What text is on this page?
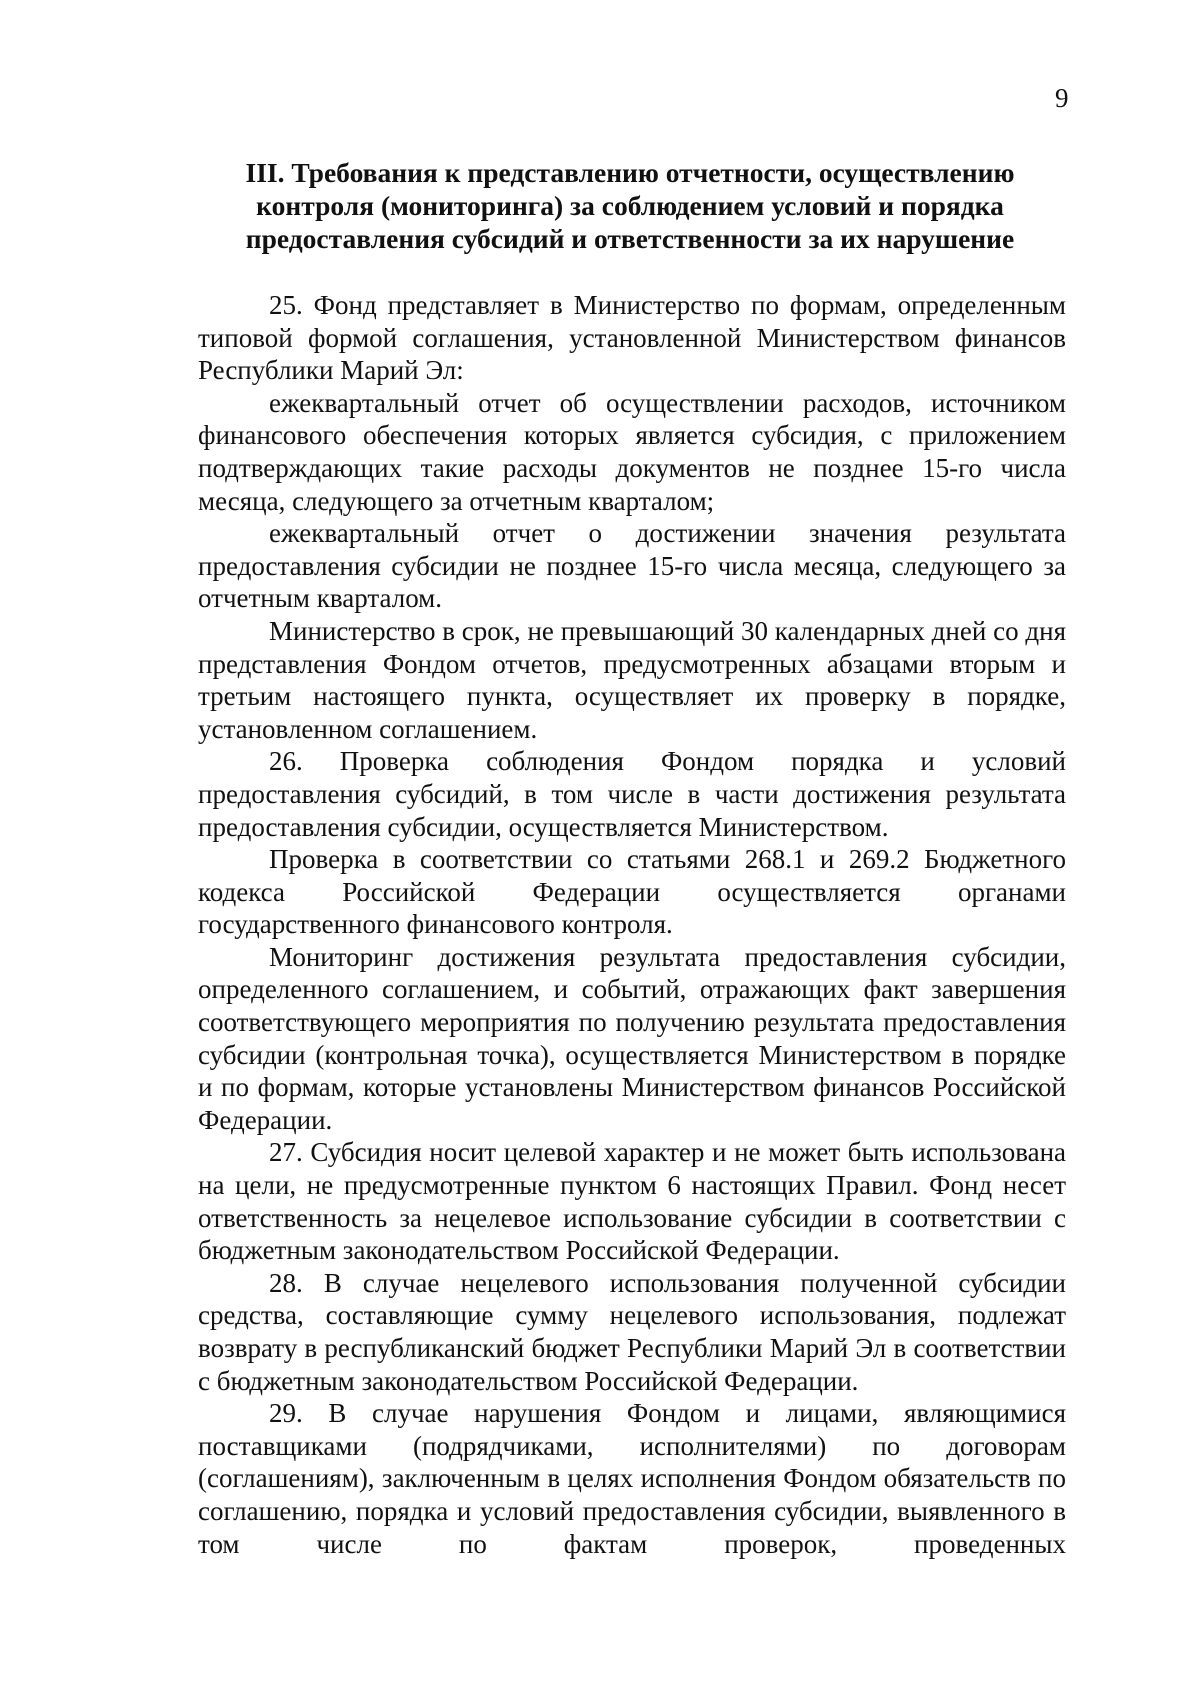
9
III. Требования к представлению отчетности, осуществлению
контроля (мониторинга) за соблюдением условий и порядка
предоставления субсидий и ответственности за их нарушение

25. Фонд представляет в Министерство по формам, определенным типовой формой соглашения, установленной Министерством финансов Республики Марий Эл:

ежеквартальный отчет об осуществлении расходов, источником финансового обеспечения которых является субсидия, с приложением подтверждающих такие расходы документов не позднее 15-го числа месяца, следующего за отчетным кварталом;

ежеквартальный отчет о достижении значения результата предоставления субсидии не позднее 15-го числа месяца, следующего за отчетным кварталом.

Министерство в срок, не превышающий 30 календарных дней со дня представления Фондом отчетов, предусмотренных абзацами вторым и третьим настоящего пункта, осуществляет их проверку в порядке, установленном соглашением.

26. Проверка соблюдения Фондом порядка и условий предоставления субсидий, в том числе в части достижения результата предоставления субсидии, осуществляется Министерством.

Проверка в соответствии со статьями 268.1 и 269.2 Бюджетного кодекса Российской Федерации осуществляется органами государственного финансового контроля.

Мониторинг достижения результата предоставления субсидии, определенного соглашением, и событий, отражающих факт завершения соответствующего мероприятия по получению результата предоставления субсидии (контрольная точка), осуществляется Министерством в порядке и по формам, которые установлены Министерством финансов Российской Федерации.

27. Субсидия носит целевой характер и не может быть использована на цели, не предусмотренные пунктом 6 настоящих Правил. Фонд несет ответственность за нецелевое использование субсидии в соответствии с бюджетным законодательством Российской Федерации.

28. В случае нецелевого использования полученной субсидии средства, составляющие сумму нецелевого использования, подлежат возврату в республиканский бюджет Республики Марий Эл в соответствии с бюджетным законодательством Российской Федерации.

29. В случае нарушения Фондом и лицами, являющимися поставщиками (подрядчиками, исполнителями) по договорам (соглашениям), заключенным в целях исполнения Фондом обязательств по соглашению, порядка и условий предоставления субсидии, выявленного в том числе по фактам проверок, проведенных
